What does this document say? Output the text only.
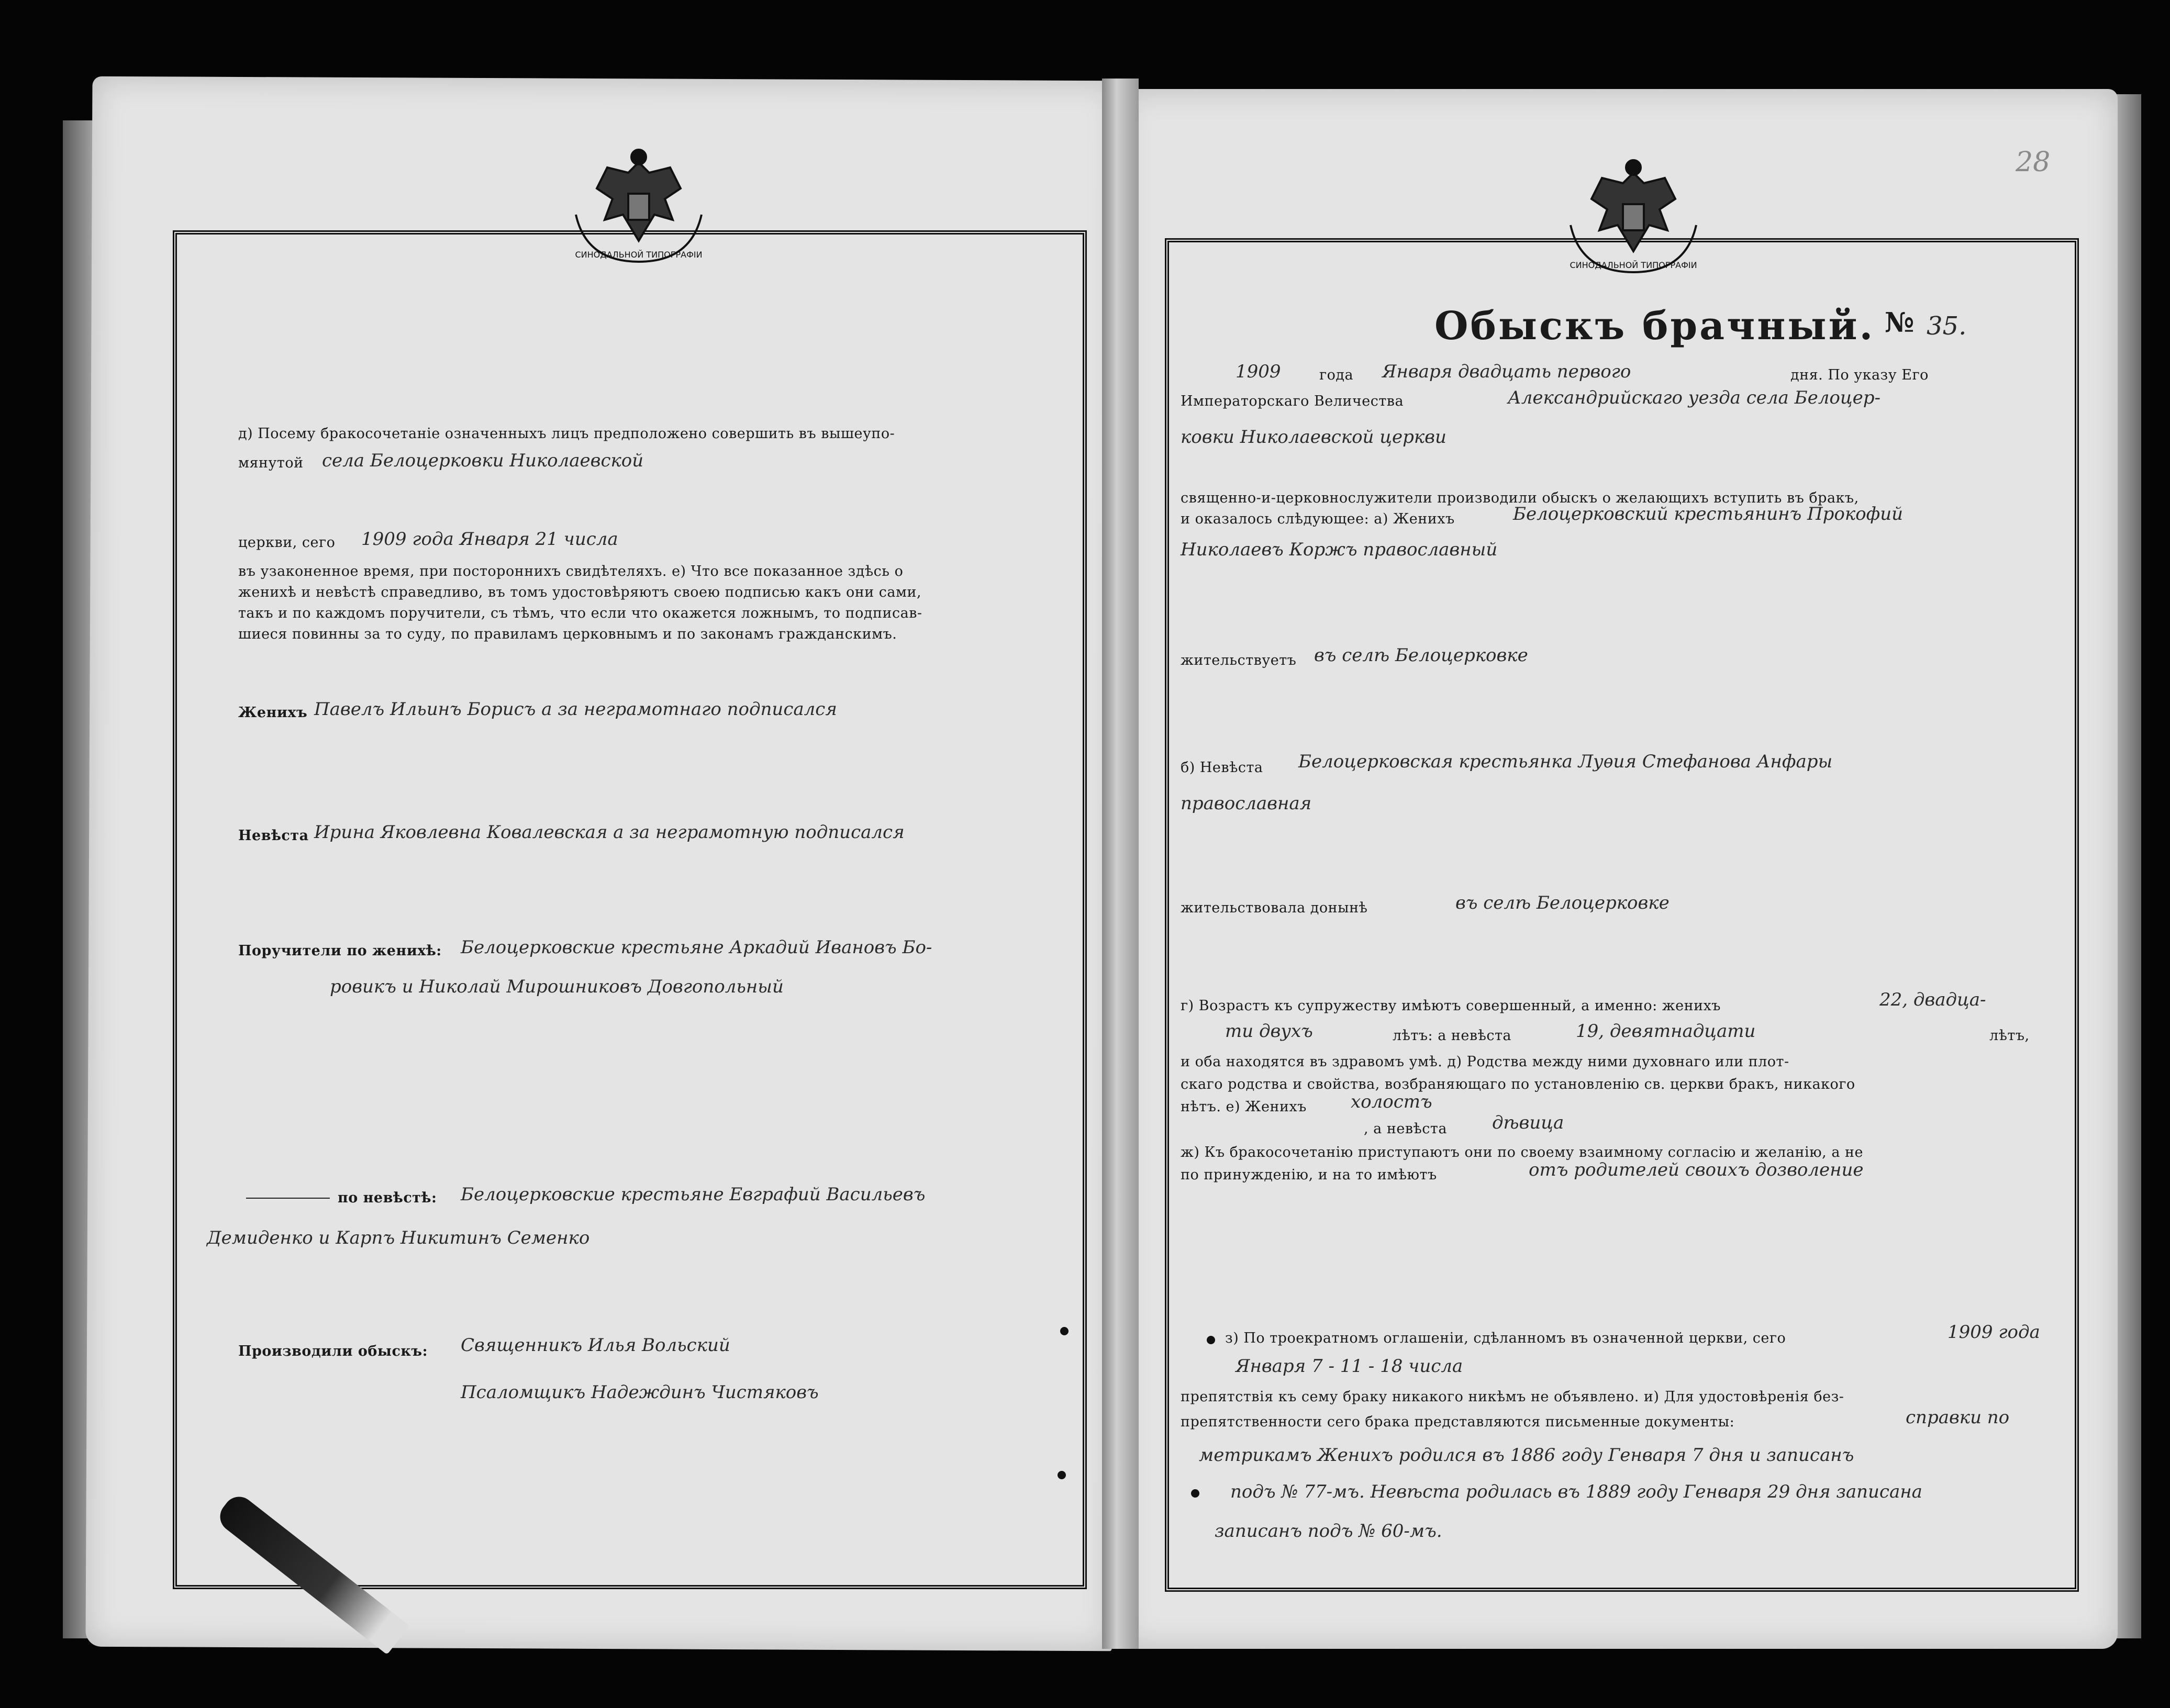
СИНОДАЛЬНОЙ ТИПОГРАФІИ
СИНОДАЛЬНОЙ ТИПОГРАФІИ
д) Посему бракосочетанie означенныхъ лицъ предположено совершить въ вышеупо-
мянутой села Белоцерковки Николаевской
церкви, сего 1909 года Января 21 числа
въ узаконенное время, при постороннихъ свидѣтеляхъ. е) Что все показанное здѣсь о
женихѣ и невѣстѣ справедливо, въ томъ удостовѣряютъ своею подписью какъ они сами,
такъ и по каждомъ поручители, съ тѣмъ, что если что окажется ложнымъ, то подписав-
шиеся повинны за то суду, по правиламъ церковнымъ и по законамъ гражданскимъ.
Женихъ Павелъ Ильинъ Борисъ а за неграмотнаго подписался
Невѣста Ирина Яковлевна Ковалевская а за неграмотную подписался
Поручители по женихѣ: Белоцерковские крестьяне Аркадий Ивановъ Бо-
ровикъ и Николай Мирошниковъ Довгопольный
по невѣстѣ: Белоцерковские крестьяне Евграфий Васильевъ
Демиденко и Карпъ Никитинъ Семенко
Производили обыскъ: Священникъ Илья Вольский
Псаломщикъ Надеждинъ Чистяковъ
28
Обыскъ брачный. № 35.
1909	года Января двадцать первого	дня. По указу Его
Императорскаго Величества	Александрийскаго уезда села Белоцер-
ковки Николаевской церкви
священно-и-церковнослужители производили обыскъ о желающихъ вступить въ бракъ,
и оказалось слѣдующее: а) Женихъ	Белоцерковский крестьянинъ Прокофий
Николаевъ Коржъ православный
жительствуетъ въ селѣ Белоцерковке
б) Невѣста Белоцерковская крестьянка Луѳия Стефанова Анфары
православная
жительствовала донынѣ	въ селѣ Белоцерковке
г) Возрастъ къ супружеству имѣютъ совершенный, а именно: женихъ	22, двадца-
ти двухъ	лѣтъ: а невѣста	19, девятнадцати	лѣтъ,
и оба находятся въ здравомъ умѣ. д) Родства между ними духовнаго или плот-
скаго родства и свойства, возбраняющаго по установленiю св. церкви бракъ, никакого
нѣтъ. е) Женихъ холостъ
, а невѣста	дѣвица
ж) Къ бракосочетанiю приступаютъ они по своему взаимному согласiю и желанiю, а не
по принужденiю, и на то имѣютъ	отъ родителей своихъ дозволение
з) По троекратномъ оглашенiи, сдѣланномъ въ означенной церкви, сего	1909 года
Января 7 - 11 - 18 числа
препятствiя къ сему браку никакого никѣмъ не объявлено. и) Для удостовѣренiя без-
препятственности сего брака представляются письменные документы:	справки по
метрикамъ Женихъ родился въ 1886 году Генваря 7 дня и записанъ
подъ № 77-мъ. Невѣста родилась въ 1889 году Генваря 29 дня записана
записанъ подъ № 60-мъ.
